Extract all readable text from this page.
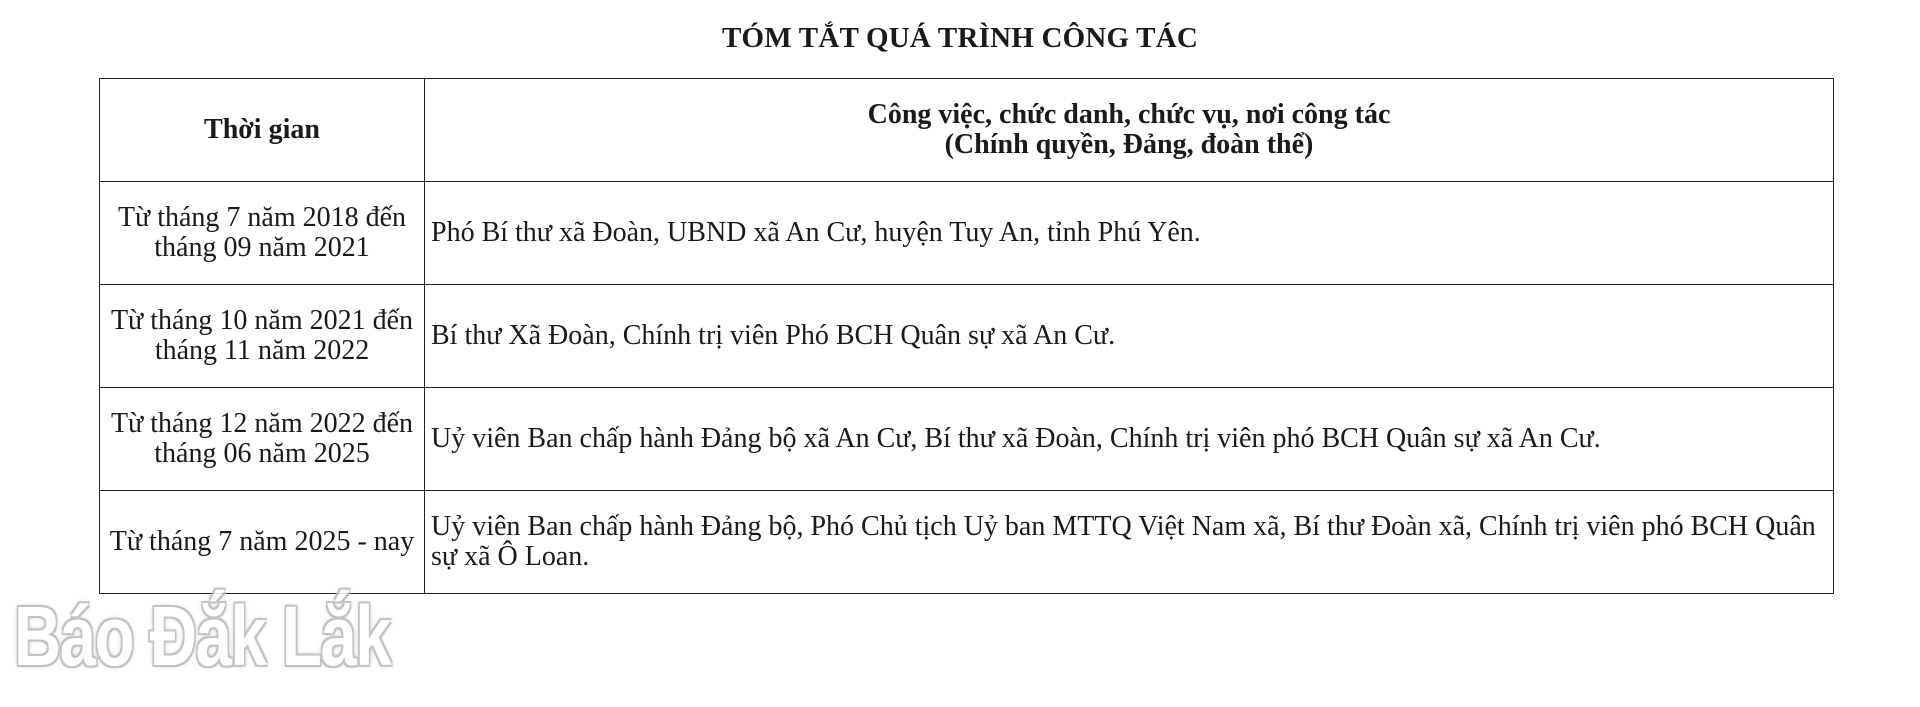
TÓM TẮT QUÁ TRÌNH CÔNG TÁC
Thời gian	Công việc, chức danh, chức vụ, nơi công tác
(Chính quyền, Đảng, đoàn thể)

Từ tháng 7 năm 2018 đến tháng 09 năm 2021	Phó Bí thư xã Đoàn, UBND xã An Cư, huyện Tuy An, tỉnh Phú Yên.
Từ tháng 10 năm 2021 đến tháng 11 năm 2022	Bí thư Xã Đoàn, Chính trị viên Phó BCH Quân sự xã An Cư.
Từ tháng 12 năm 2022 đến tháng 06 năm 2025	Uỷ viên Ban chấp hành Đảng bộ xã An Cư, Bí thư xã Đoàn, Chính trị viên phó BCH Quân sự xã An Cư.
Từ tháng 7 năm 2025 - nay	Uỷ viên Ban chấp hành Đảng bộ, Phó Chủ tịch Uỷ ban MTTQ Việt Nam xã, Bí thư Đoàn xã, Chính trị viên phó BCH Quân sự xã Ô Loan.
Báo Đắk Lắk
